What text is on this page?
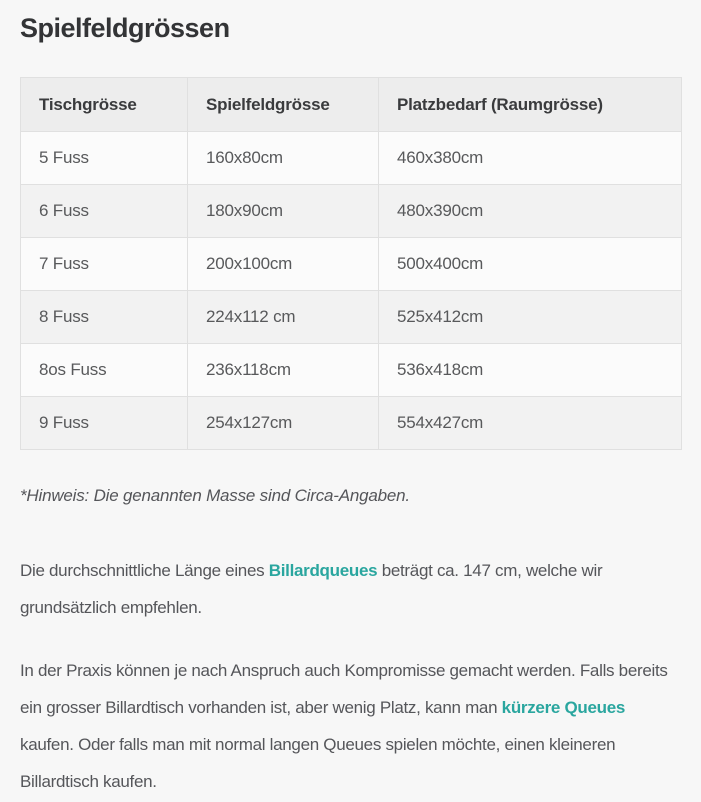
Spielfeldgrössen
Tischgrösse	Spielfeldgrösse	Platzbedarf (Raumgrösse)
5 Fuss	160x80cm	460x380cm
6 Fuss	180x90cm	480x390cm
7 Fuss	200x100cm	500x400cm
8 Fuss	224x112 cm	525x412cm
8os Fuss	236x118cm	536x418cm
9 Fuss	254x127cm	554x427cm

*Hinweis: Die genannten Masse sind Circa-Angaben.

Die durchschnittliche Länge eines Billardqueues beträgt ca. 147 cm, welche wir grundsätzlich empfehlen.

In der Praxis können je nach Anspruch auch Kompromisse gemacht werden. Falls bereits ein grosser Billardtisch vorhanden ist, aber wenig Platz, kann man kürzere Queues kaufen. Oder falls man mit normal langen Queues spielen möchte, einen kleineren Billardtisch kaufen.
